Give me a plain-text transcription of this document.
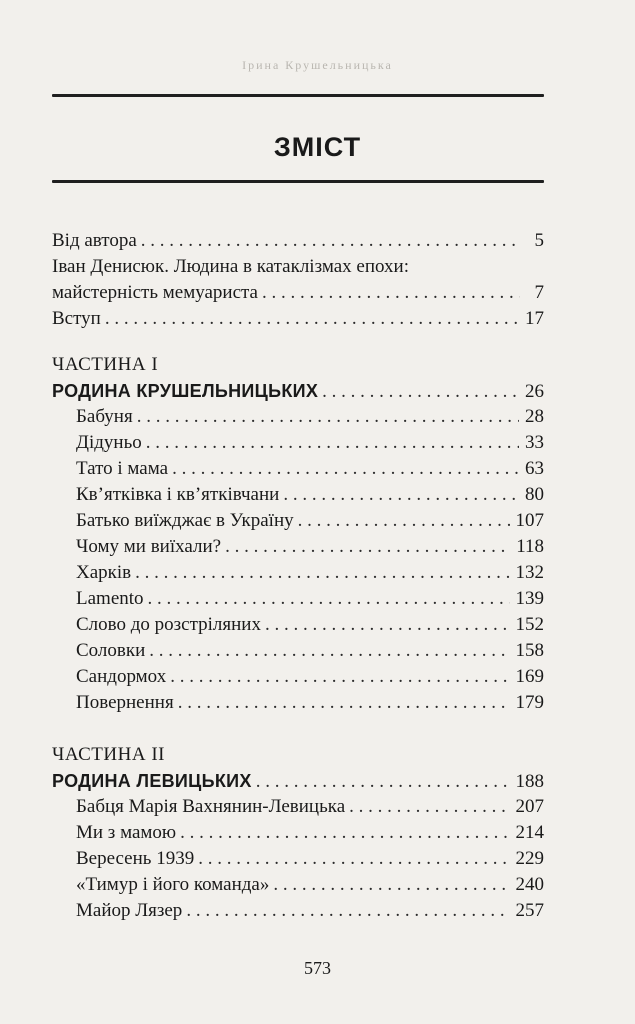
Ірина Крушельницька
ЗМІСТ
Від автора . . .	5
Іван Денисюк. Людина в катаклізмах епохи:
майстерність мемуариста . . .	7
Вступ . . .	17
ЧАСТИНА І
РОДИНА КРУШЕЛЬНИЦЬКИХ . . .	26
Бабуня . . .	28
Дідуньо . . .	33
Тато і мама . . .	63
Кв’ятківка і кв’ятківчани . . .	80
Батько виїжджає в Україну . . .	107
Чому ми виїхали? . . .	118
Харків . . .	132
Lamento . . .	139
Слово до розстріляних . . .	152
Соловки . . .	158
Сандормох . . .	169
Повернення . . .	179
ЧАСТИНА ІІ
РОДИНА ЛЕВИЦЬКИХ . . .	188
Бабця Марія Вахнянин-Левицька . . .	207
Ми з мамою . . .	214
Вересень 1939 . . .	229
«Тимур і його команда» . . .	240
Майор Лязер . . .	257
573
